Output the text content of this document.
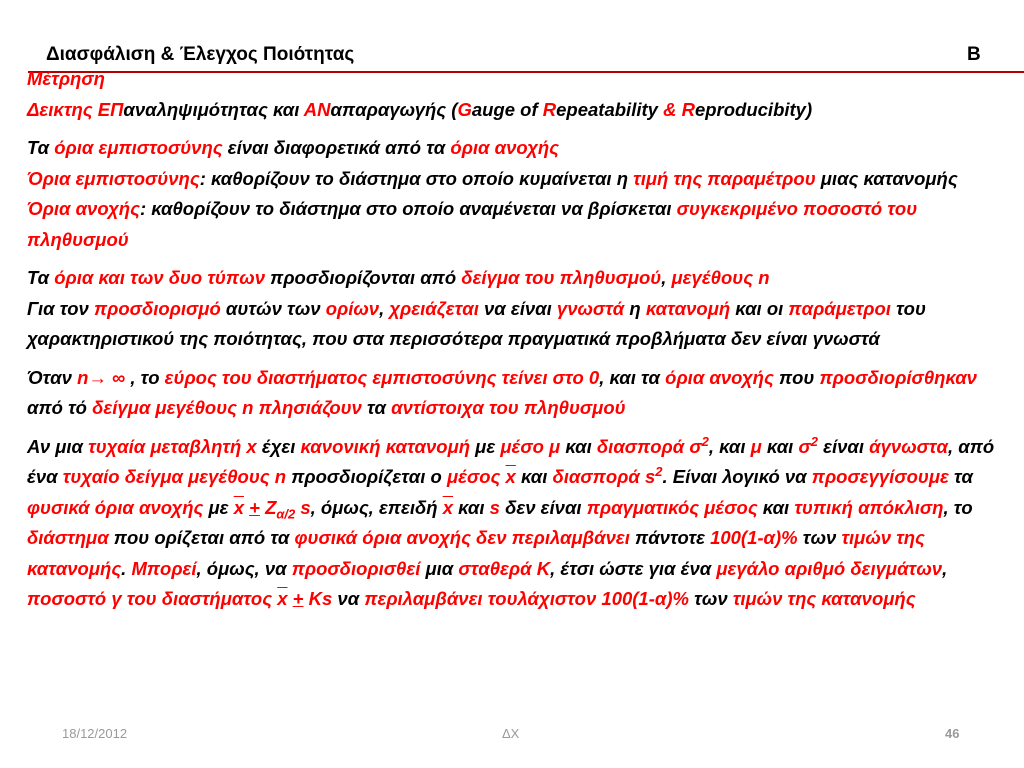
Διασφάλιση & Έλεγχος Ποιότητας	B

Μέτρηση

Δεικτης ΕΠαναληψιμότητας και ΑΝαπαραγωγής (Gauge of Repeatability & Reproducibity)

Τα όρια εμπιστοσύνης είναι διαφορετικά από τα όρια ανοχής

Όρια εμπιστοσύνης: καθορίζουν το διάστημα στο οποίο κυμαίνεται η τιμή της παραμέτρου μιας κατανομής

Όρια ανοχής: καθορίζουν το διάστημα στο οποίο αναμένεται να βρίσκεται συγκεκριμένο ποσοστό του πληθυσμού

Τα όρια και των δυο τύπων προσδιορίζονται από δείγμα του πληθυσμού, μεγέθους n

Για τον προσδιορισμό αυτών των ορίων, χρειάζεται να είναι γνωστά η κατανομή και οι παράμετροι του χαρακτηριστικού της ποιότητας, που στα περισσότερα πραγματικά προβλήματα δεν είναι γνωστά

Όταν n→ ∞ , το εύρος του διαστήματος εμπιστοσύνης τείνει στο 0, και τα όρια ανοχής που προσδιορίσθηκαν από τό δείγμα μεγέθους n πλησιάζουν τα αντίστοιχα του πληθυσμού

Αν μια τυχαία μεταβλητή x έχει κανονική κατανομή με μέσο μ και διασπορά $\sigma^2$, και μ και $\sigma^2$ είναι άγνωστα, από ένα τυχαίο δείγμα μεγέθους n προσδιορίζεται ο μέσος $\overline{x}$ και διασπορά $s^2$. Είναι λογικό να προσεγγίσουμε τα φυσικά όρια ανοχής με $\overline{x} + Z_{\alpha/2}$ s, όμως, επειδή $\overline{x}$ και s δεν είναι πραγματικός μέσος και τυπική απόκλιση, το διάστημα που ορίζεται από τα φυσικά όρια ανοχής δεν περιλαμβάνει πάντοτε 100(1-α)% των τιμών της κατανομής. Μπορεί, όμως, να προσδιορισθεί μια σταθερά Κ, έτσι ώστε για ένα μεγάλο αριθμό δειγμάτων, ποσοστό γ του διαστήματος $\overline{x} + Ks$ να περιλαμβάνει τουλάχιστον 100(1-α)% των τιμών της κατανομής

18/12/2012	ΔΧ	46
